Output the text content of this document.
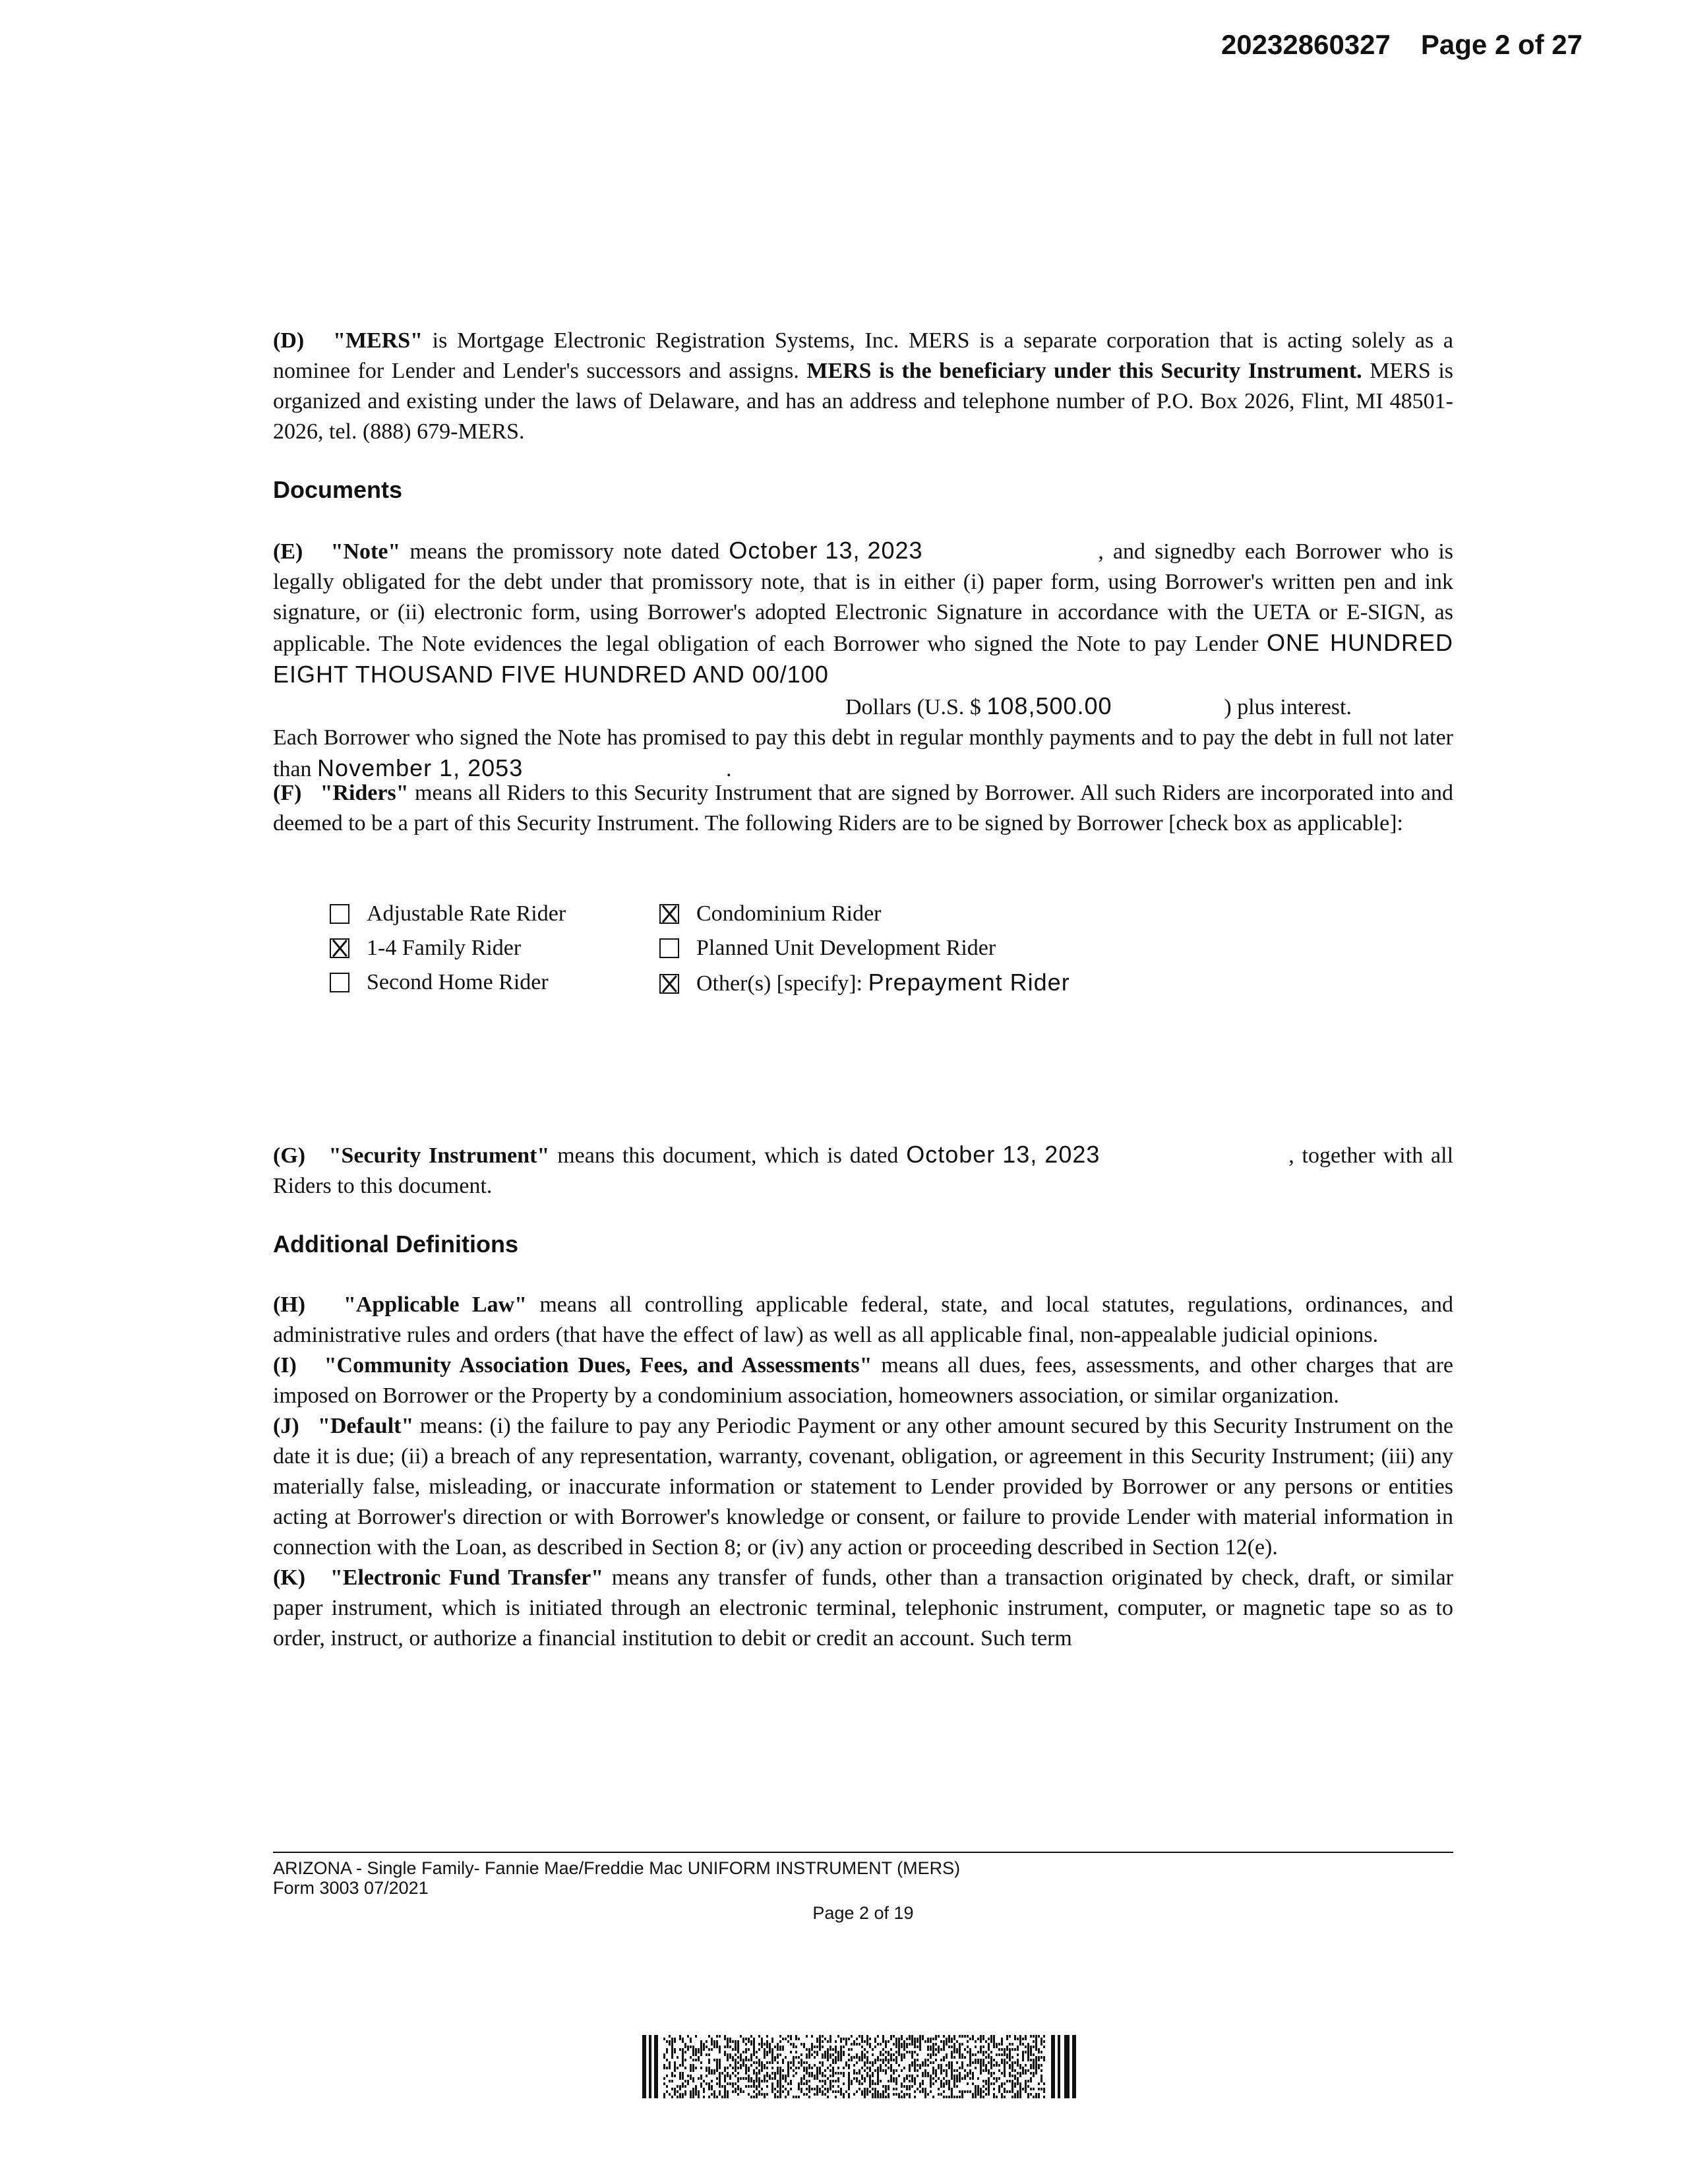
20232860327 Page 2 of 27

(D) "MERS" is Mortgage Electronic Registration Systems, Inc. MERS is a separate corporation that is acting solely as a nominee for Lender and Lender's successors and assigns. MERS is the beneficiary under this Security Instrument. MERS is organized and existing under the laws of Delaware, and has an address and telephone number of P.O. Box 2026, Flint, MI 48501-2026, tel. (888) 679-MERS.

Documents

(E) "Note" means the promissory note dated October 13, 2023	, and signedby each Borrower who is legally obligated for the debt under that promissory note, that is in either (i) paper form, using Borrower's written pen and ink signature, or (ii) electronic form, using Borrower's adopted Electronic Signature in accordance with the UETA or E-SIGN, as applicable. The Note evidences the legal obligation of each Borrower who signed the Note to pay Lender ONE HUNDRED EIGHT THOUSAND FIVE HUNDRED AND 00/100

Dollars (U.S. $ 108,500.00	) plus interest.

Each Borrower who signed the Note has promised to pay this debt in regular monthly payments and to pay the debt in full not later than November 1, 2053	.

(F) "Riders" means all Riders to this Security Instrument that are signed by Borrower. All such Riders are incorporated into and deemed to be a part of this Security Instrument. The following Riders are to be signed by Borrower [check box as applicable]:

Adjustable Rate Rider	Condominium Rider
1-4 Family Rider	Planned Unit Development Rider
Second Home Rider	Other(s) [specify]: Prepayment Rider

(G) "Security Instrument" means this document, which is dated October 13, 2023	, together with all Riders to this document.

Additional Definitions

(H) "Applicable Law" means all controlling applicable federal, state, and local statutes, regulations, ordinances, and administrative rules and orders (that have the effect of law) as well as all applicable final, non-appealable judicial opinions.

(I) "Community Association Dues, Fees, and Assessments" means all dues, fees, assessments, and other charges that are imposed on Borrower or the Property by a condominium association, homeowners association, or similar organization.

(J) "Default" means: (i) the failure to pay any Periodic Payment or any other amount secured by this Security Instrument on the date it is due; (ii) a breach of any representation, warranty, covenant, obligation, or agreement in this Security Instrument; (iii) any materially false, misleading, or inaccurate information or statement to Lender provided by Borrower or any persons or entities acting at Borrower's direction or with Borrower's knowledge or consent, or failure to provide Lender with material information in connection with the Loan, as described in Section 8; or (iv) any action or proceeding described in Section 12(e).

(K) "Electronic Fund Transfer" means any transfer of funds, other than a transaction originated by check, draft, or similar paper instrument, which is initiated through an electronic terminal, telephonic instrument, computer, or magnetic tape so as to order, instruct, or authorize a financial institution to debit or credit an account. Such term

ARIZONA - Single Family- Fannie Mae/Freddie Mac UNIFORM INSTRUMENT (MERS)
Form 3003 07/2021
Page 2 of 19
